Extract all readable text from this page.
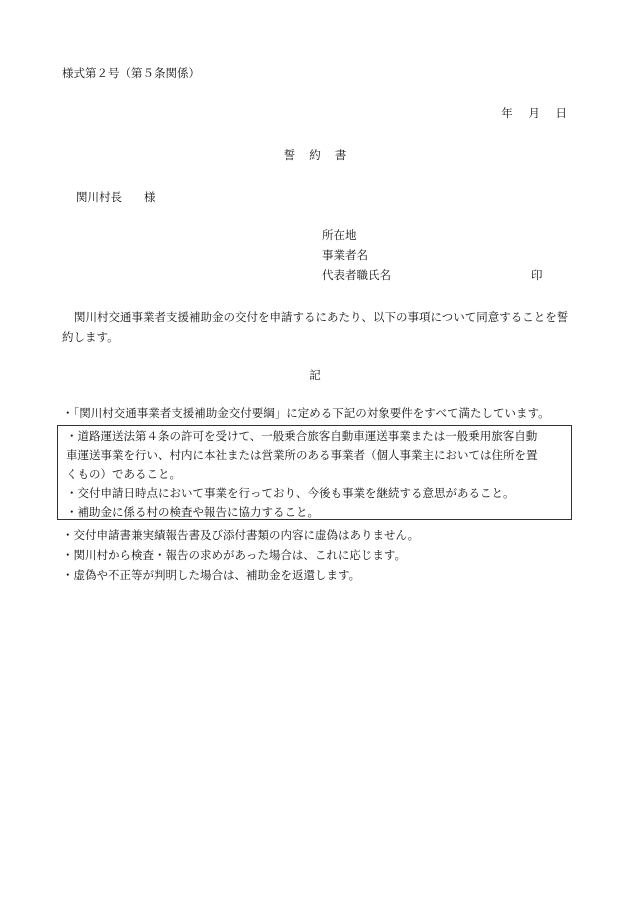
様式第２号（第５条関係）
年 月 日
誓約書
関川村長 様
所在地
事業者名
代表者職氏名	印
関川村交通事業者支援補助金の交付を申請するにあたり、以下の事項について同意することを誓約します。
記
・「関川村交通事業者支援補助金交付要綱」に定める下記の対象要件をすべて満たしています。
・道路運送法第４条の許可を受けて、一般乗合旅客自動車運送事業または一般乗用旅客自動
車運送事業を行い、村内に本社または営業所のある事業者（個人事業主においては住所を置
くもの）であること。
・交付申請日時点において事業を行っており、今後も事業を継続する意思があること。
・補助金に係る村の検査や報告に協力すること。
・交付申請書兼実績報告書及び添付書類の内容に虚偽はありません。
・関川村から検査・報告の求めがあった場合は、これに応じます。
・虚偽や不正等が判明した場合は、補助金を返還します。
